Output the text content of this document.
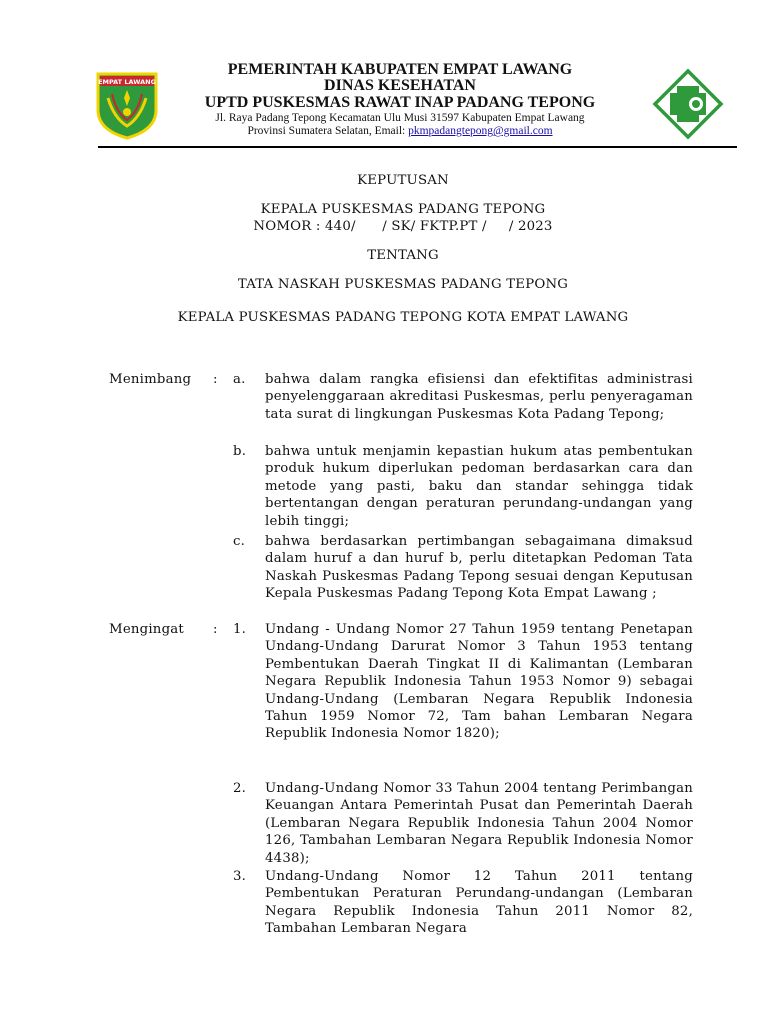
EMPAT LAWANG
PEMERINTAH KABUPATEN EMPAT LAWANG
DINAS KESEHATAN
UPTD PUSKESMAS RAWAT INAP PADANG TEPONG
Jl. Raya Padang Tepong Kecamatan Ulu Musi 31597 Kabupaten Empat Lawang
Provinsi Sumatera Selatan, Email: pkmpadangtepong@gmail.com
KEPUTUSAN
KEPALA PUSKESMAS PADANG TEPONG
NOMOR : 440/      / SK/ FKTP.PT /     / 2023
TENTANG
TATA NASKAH PUSKESMAS PADANG TEPONG
KEPALA PUSKESMAS PADANG TEPONG KOTA EMPAT LAWANG
Menimbang	: a. bahwa dalam rangka efisiensi dan efektifitas administrasi penyelenggaraan akreditasi Puskesmas, perlu penyeragaman tata surat di lingkungan Puskesmas Kota Padang Tepong;
b. bahwa untuk menjamin kepastian hukum atas pembentukan produk hukum diperlukan pedoman berdasarkan cara dan metode yang pasti, baku dan standar sehingga tidak bertentangan dengan peraturan perundang-undangan yang lebih tinggi;
c. bahwa berdasarkan pertimbangan sebagaimana dimaksud dalam huruf a dan huruf b, perlu ditetapkan Pedoman Tata Naskah Puskesmas Padang Tepong sesuai dengan Keputusan Kepala Puskesmas Padang Tepong Kota Empat Lawang ;
Mengingat	: 1. Undang - Undang Nomor 27 Tahun 1959 tentang Penetapan Undang-Undang Darurat Nomor 3 Tahun 1953 tentang Pembentukan Daerah Tingkat II di Kalimantan (Lembaran Negara Republik Indonesia Tahun 1953 Nomor 9) sebagai Undang-Undang (Lembaran Negara Republik Indonesia Tahun 1959 Nomor 72, Tam bahan Lembaran Negara Republik Indonesia Nomor 1820);
2. Undang-Undang Nomor 33 Tahun 2004 tentang Perimbangan Keuangan Antara Pemerintah Pusat dan Pemerintah Daerah (Lembaran Negara Republik Indonesia Tahun 2004 Nomor 126, Tambahan Lembaran Negara Republik Indonesia Nomor 4438);
3. Undang-Undang Nomor 12 Tahun 2011 tentang Pembentukan Peraturan Perundang-undangan (Lembaran Negara Republik Indonesia Tahun 2011 Nomor 82, Tambahan Lembaran Negara
